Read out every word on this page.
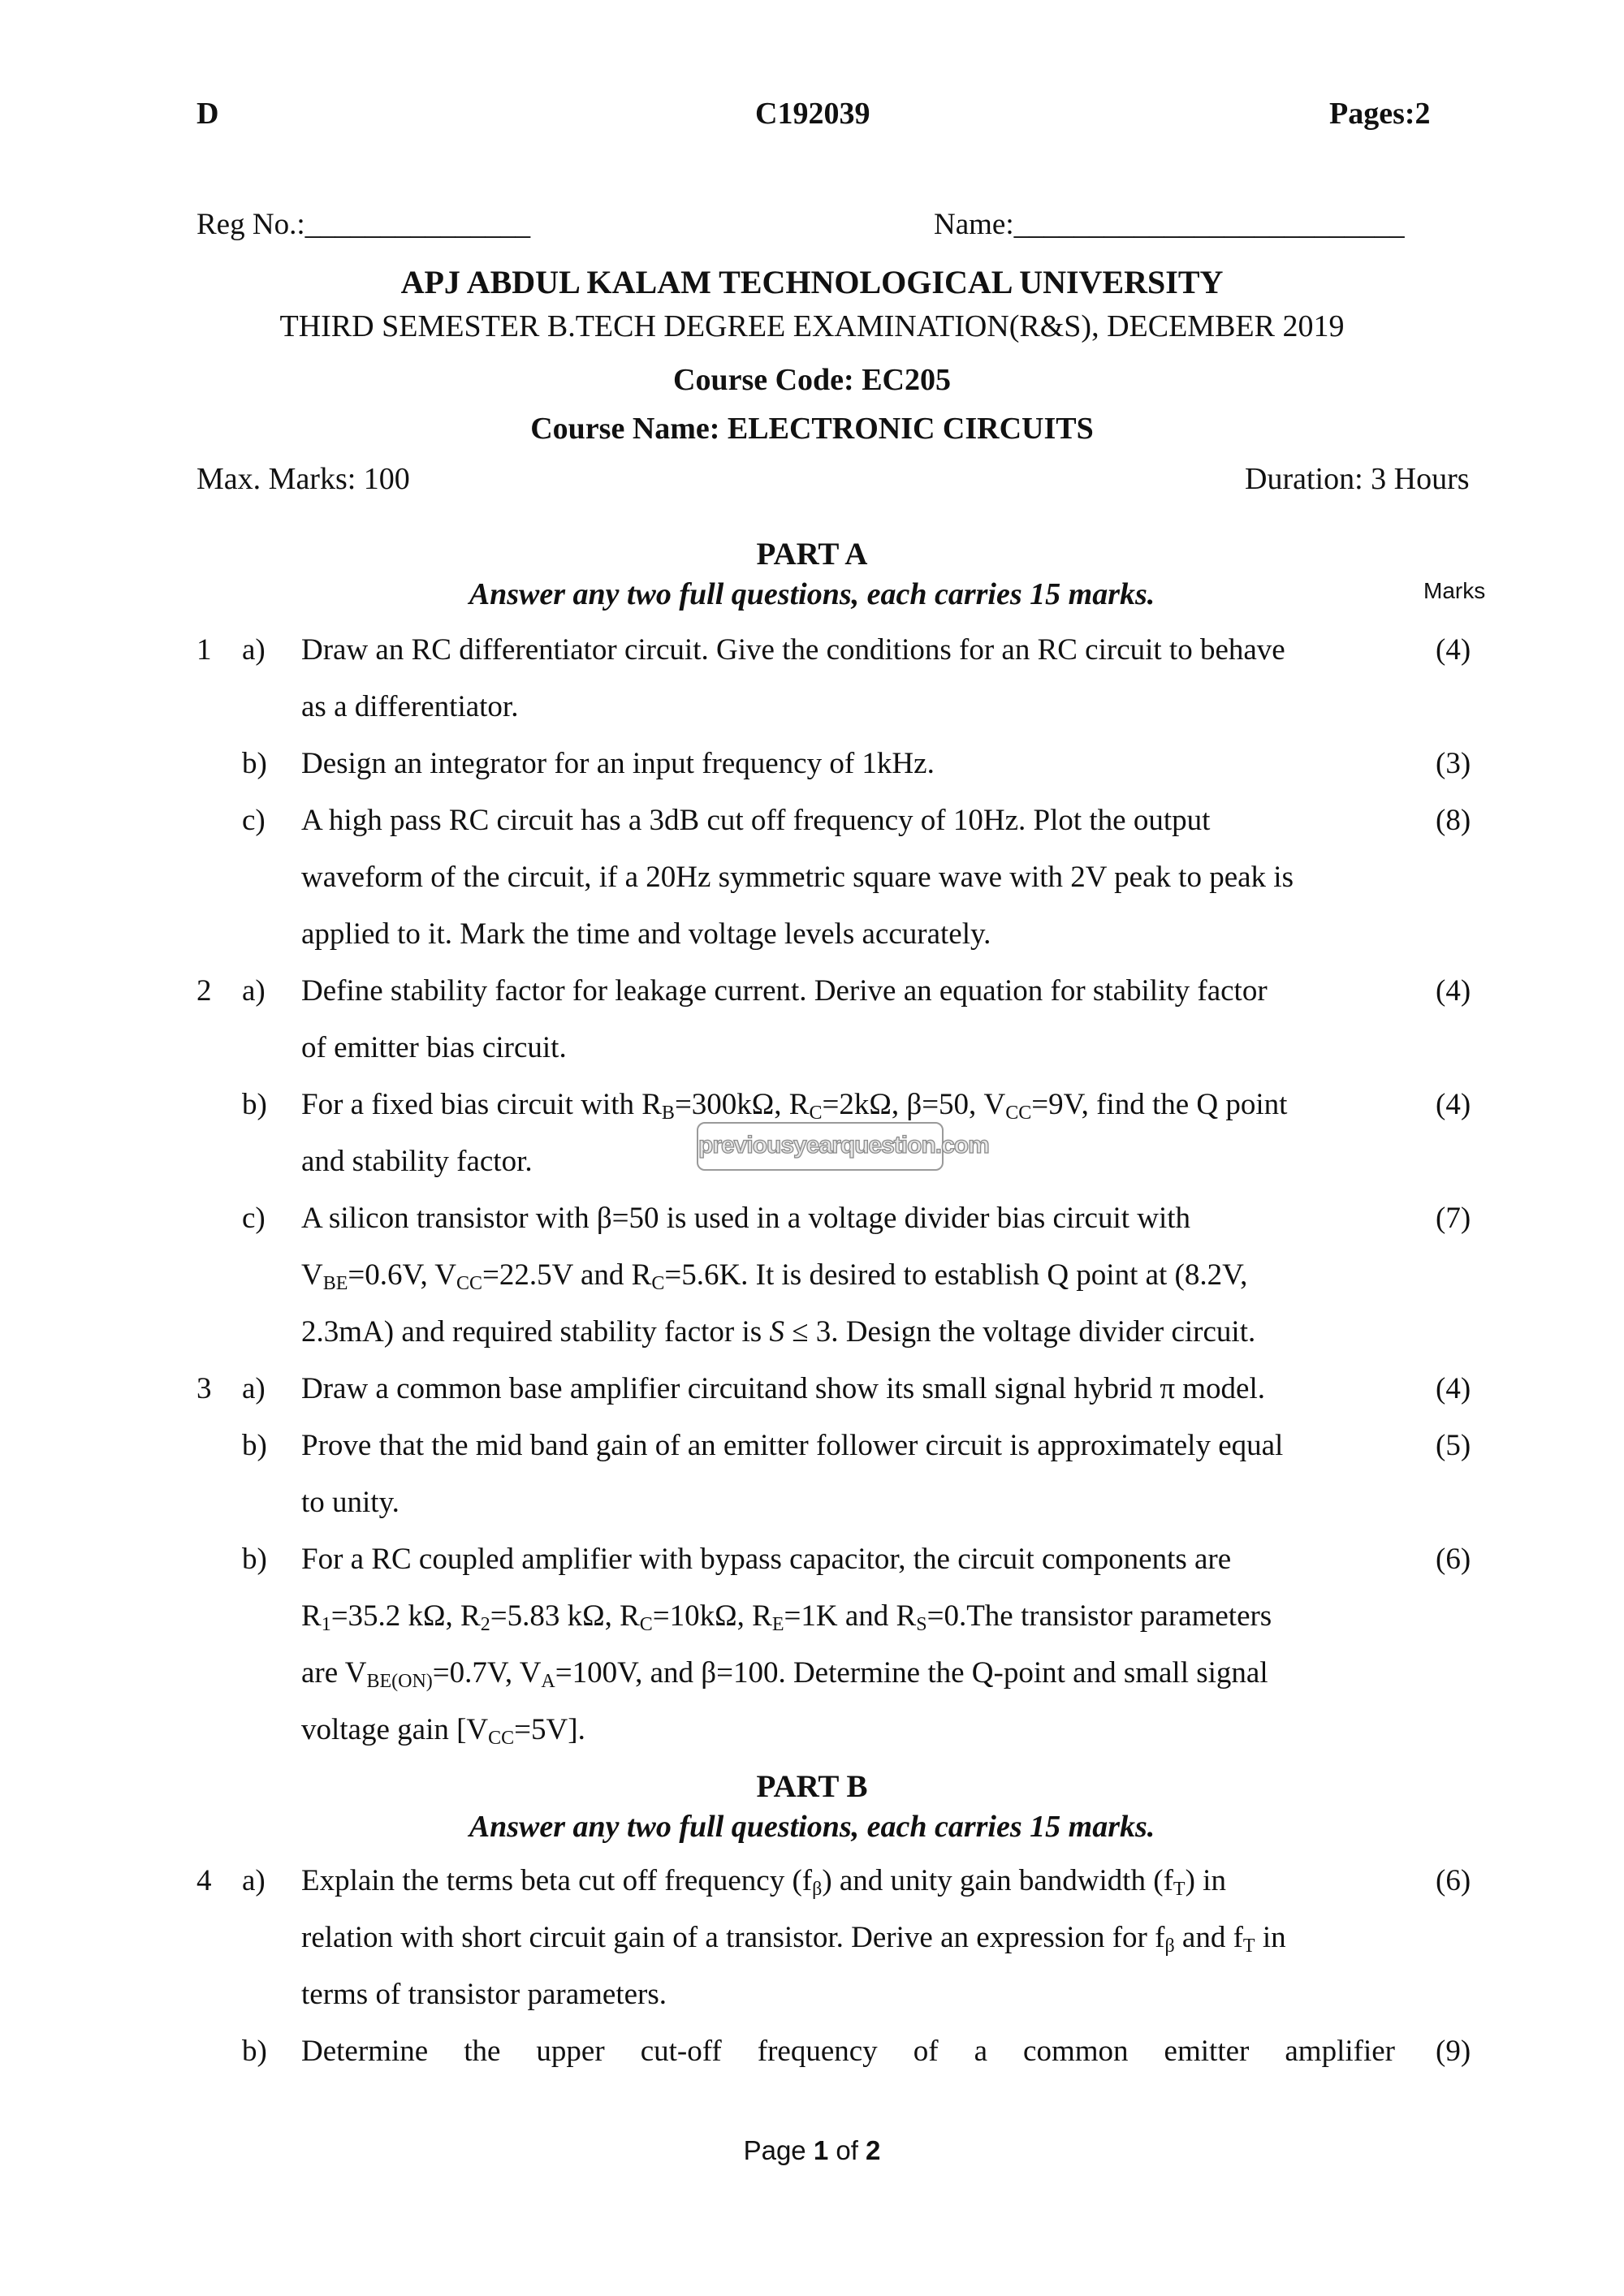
D	C192039	Pages:2
Reg No.:_______________	Name:__________________________
APJ ABDUL KALAM TECHNOLOGICAL UNIVERSITY
THIRD SEMESTER B.TECH DEGREE EXAMINATION(R&S), DECEMBER 2019
Course Code: EC205
Course Name: ELECTRONIC CIRCUITS
Max. Marks: 100	Duration: 3 Hours
PART A
Answer any two full questions, each carries 15 marks.	Marks
1 a) Draw an RC differentiator circuit. Give the conditions for an RC circuit to behave	(4)
as a differentiator.
b) Design an integrator for an input frequency of 1kHz.	(3)
c) A high pass RC circuit has a 3dB cut off frequency of 10Hz. Plot the output	(8)
waveform of the circuit, if a 20Hz symmetric square wave with 2V peak to peak is
applied to it. Mark the time and voltage levels accurately.
2 a) Define stability factor for leakage current. Derive an equation for stability factor	(4)
of emitter bias circuit.
b) For a fixed bias circuit with $R_B=300k\Omega$, $R_C=2k\Omega$, β=50, $V_{CC}=9V$, find the Q point	(4)
and stability factor.	previousyearquestion.com
c) A silicon transistor with β=50 is used in a voltage divider bias circuit with	(7)
$V_{BE}=0.6V$, $V_{CC}=22.5V$ and $R_C=5.6K$. It is desired to establish Q point at (8.2V,
2.3mA) and required stability factor is S ≤ 3. Design the voltage divider circuit.
3 a) Draw a common base amplifier circuitand show its small signal hybrid π model.	(4)
b) Prove that the mid band gain of an emitter follower circuit is approximately equal	(5)
to unity.
b) For a RC coupled amplifier with bypass capacitor, the circuit components are	(6)
$R_1=35.2$ kΩ, $R_2=5.83$ kΩ, $R_C=10k\Omega$, $R_E=1K$ and $R_S=0.The$ transistor parameters
are $V_{BE(ON)}=0.7V$, $V_A=100V$, and β=100. Determine the Q-point and small signal
voltage gain $[V_{CC}=5V]$.
PART B
Answer any two full questions, each carries 15 marks.
4 a) Explain the terms beta cut off frequency $(f_\beta)$ and unity gain bandwidth $(f_T)$ in	(6)
relation with short circuit gain of a transistor. Derive an expression for $f_\beta$ and $f_T$ in
terms of transistor parameters.
b) Determine the upper cut-off frequency of a common emitter amplifier (9)
Page 1 of 2
